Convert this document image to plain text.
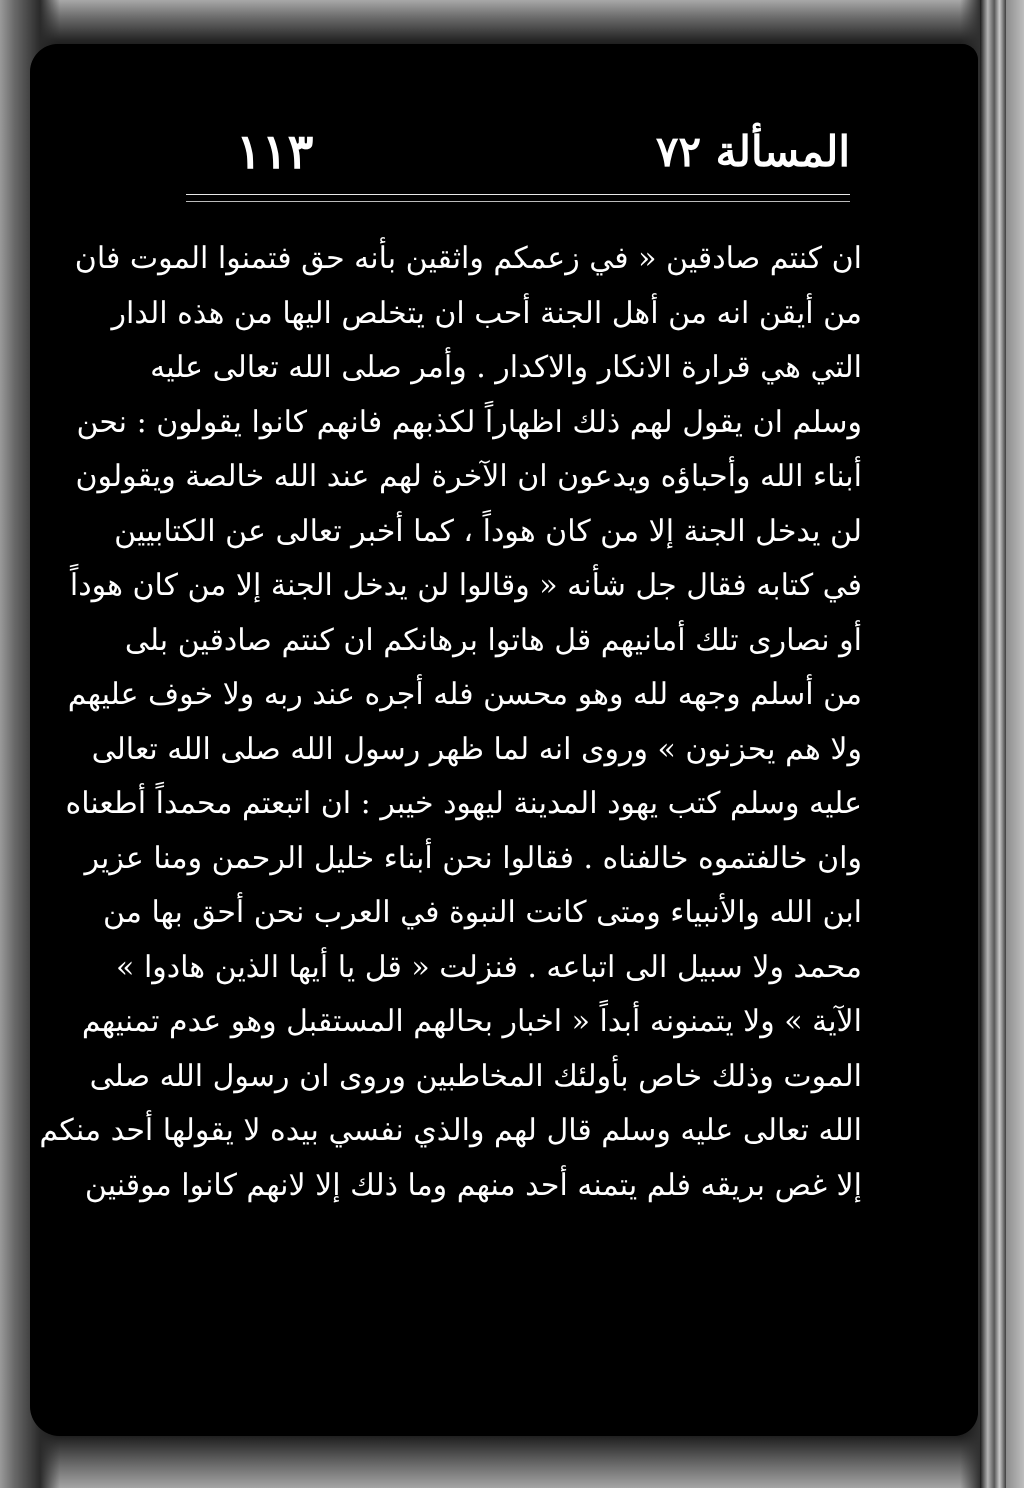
المسألة ٧٢
١١٣
ان كنتم صادقين « في زعمكم واثقين بأنه حق فتمنوا الموت فان
من أيقن انه من أهل الجنة أحب ان يتخلص اليها من هذه الدار
التي هي قرارة الانكار والاكدار . وأمر صلى الله تعالى عليه
وسلم ان يقول لهم ذلك اظهاراً لكذبهم فانهم كانوا يقولون : نحن
أبناء الله وأحباؤه ويدعون ان الآخرة لهم عند الله خالصة ويقولون
لن يدخل الجنة إلا من كان هوداً ، كما أخبر تعالى عن الكتابيين
في كتابه فقال جل شأنه « وقالوا لن يدخل الجنة إلا من كان هوداً
أو نصارى تلك أمانيهم قل هاتوا برهانكم ان كنتم صادقين بلى
من أسلم وجهه لله وهو محسن فله أجره عند ربه ولا خوف عليهم
ولا هم يحزنون » وروى انه لما ظهر رسول الله صلى الله تعالى
عليه وسلم كتب يهود المدينة ليهود خيبر : ان اتبعتم محمداً أطعناه
وان خالفتموه خالفناه . فقالوا نحن أبناء خليل الرحمن ومنا عزير
ابن الله والأنبياء ومتى كانت النبوة في العرب نحن أحق بها من
محمد ولا سبيل الى اتباعه . فنزلت « قل يا أيها الذين هادوا »
الآية » ولا يتمنونه أبداً « اخبار بحالهم المستقبل وهو عدم تمنيهم
الموت وذلك خاص بأولئك المخاطبين وروى ان رسول الله صلى
الله تعالى عليه وسلم قال لهم والذي نفسي بيده لا يقولها أحد منكم
إلا غص بريقه فلم يتمنه أحد منهم وما ذلك إلا لانهم كانوا موقنين
